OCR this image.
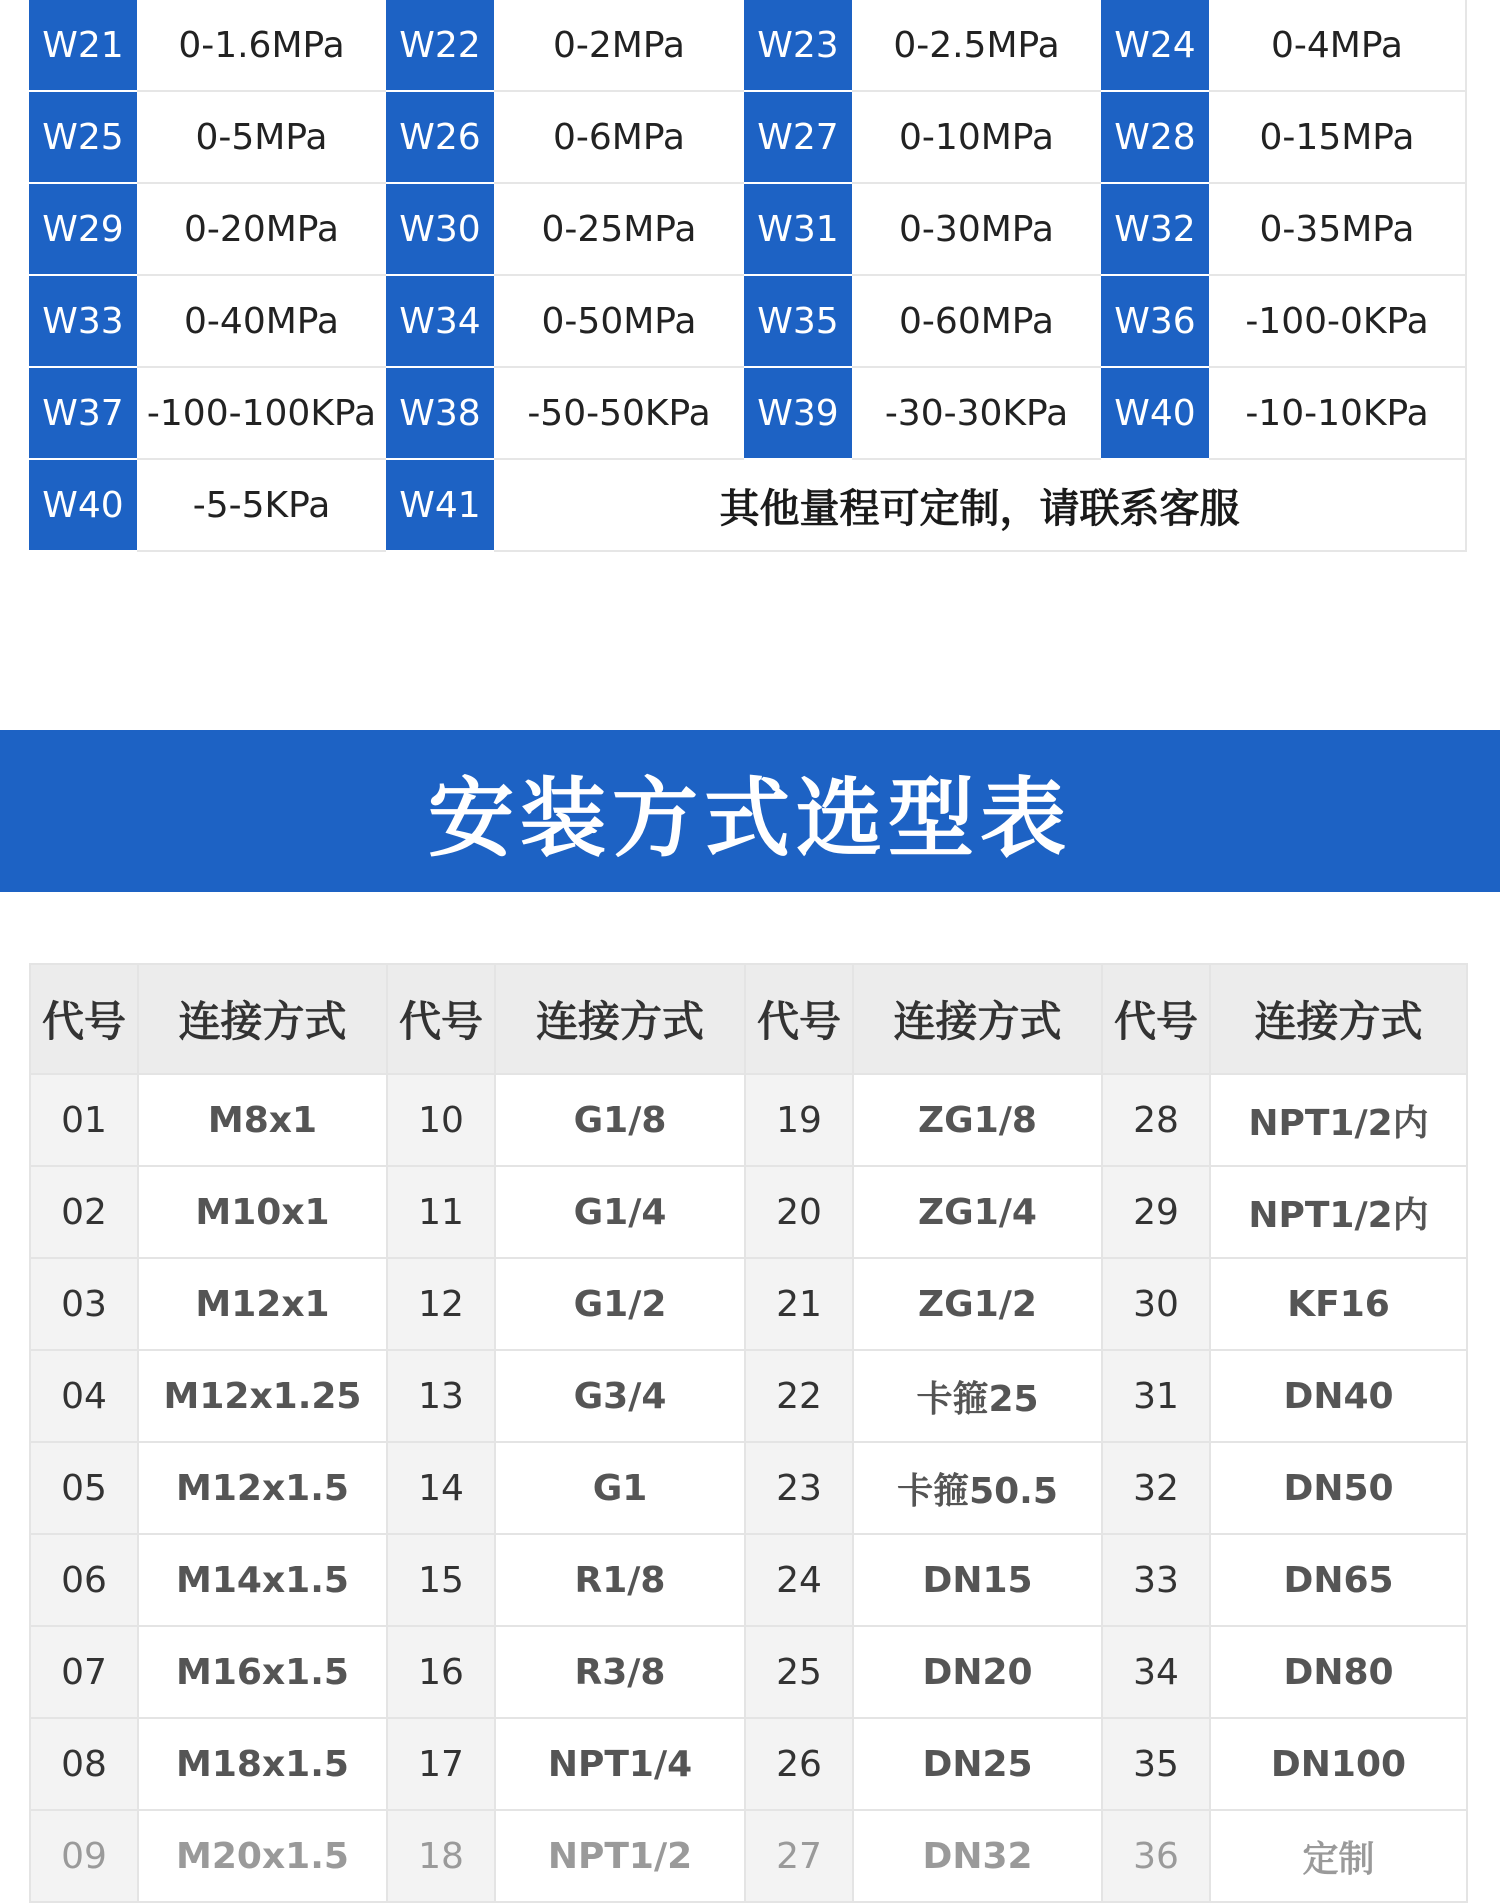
W21	0-1.6MPa	W22	0-2MPa	W23	0-2.5MPa	W24	0-4MPa
W25	0-5MPa	W26	0-6MPa	W27	0-10MPa	W28	0-15MPa
W29	0-20MPa	W30	0-25MPa	W31	0-30MPa	W32	0-35MPa
W33	0-40MPa	W34	0-50MPa	W35	0-60MPa	W36	-100-0KPa
W37	-100-100KPa	W38	-50-50KPa	W39	-30-30KPa	W40	-10-10KPa
W40	-5-5KPa	W41	其他量程可定制，请联系客服				
安装方式选型表
代号	连接方式	代号	连接方式	代号	连接方式	代号	连接方式
01	M8x1	10	G1/8	19	ZG1/8	28	NPT1/2内
02	M10x1	11	G1/4	20	ZG1/4	29	NPT1/2内
03	M12x1	12	G1/2	21	ZG1/2	30	KF16
04	M12x1.25	13	G3/4	22	卡箍25	31	DN40
05	M12x1.5	14	G1	23	卡箍50.5	32	DN50
06	M14x1.5	15	R1/8	24	DN15	33	DN65
07	M16x1.5	16	R3/8	25	DN20	34	DN80
08	M18x1.5	17	NPT1/4	26	DN25	35	DN100
09	M20x1.5	18	NPT1/2	27	DN32	36	定制
